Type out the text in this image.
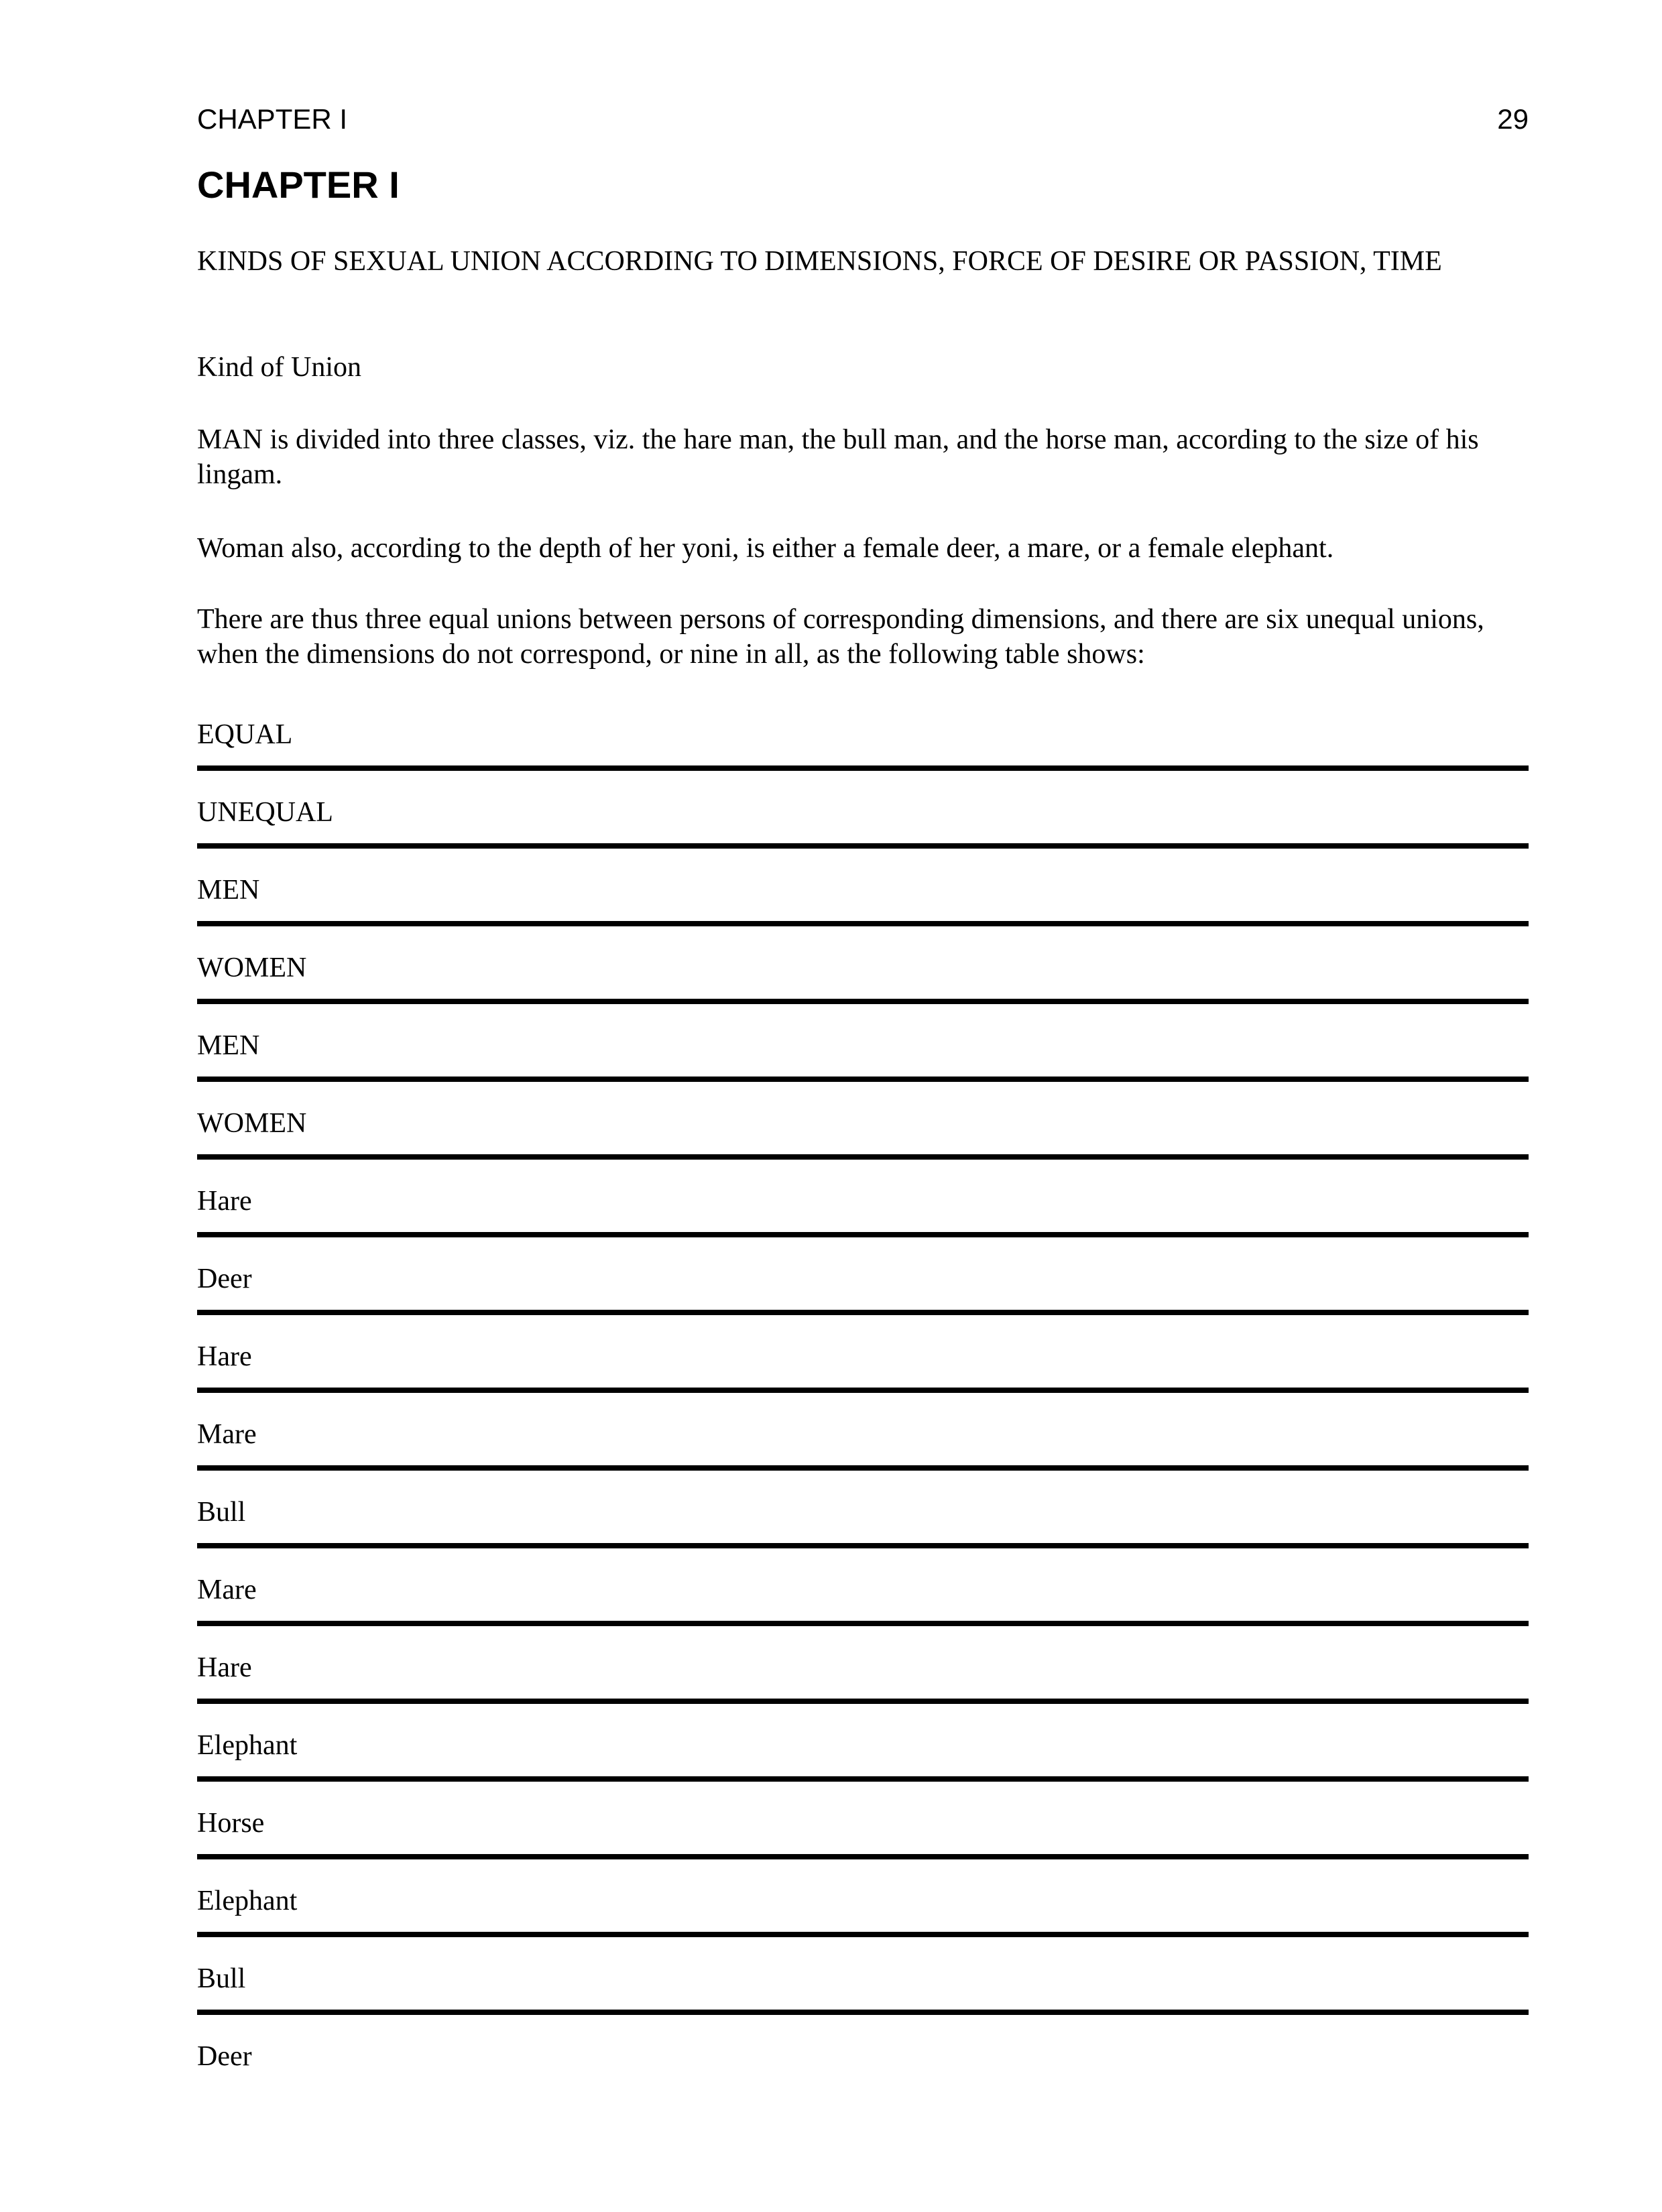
CHAPTER I	29
CHAPTER I

KINDS OF SEXUAL UNION ACCORDING TO DIMENSIONS, FORCE OF DESIRE OR PASSION, TIME

Kind of Union

MAN is divided into three classes, viz. the hare man, the bull man, and the horse man, according to the size of his lingam.

Woman also, according to the depth of her yoni, is either a female deer, a mare, or a female elephant.

There are thus three equal unions between persons of corresponding dimensions, and there are six unequal unions, when the dimensions do not correspond, or nine in all, as the following table shows:

EQUAL
UNEQUAL
MEN
WOMEN
MEN
WOMEN
Hare
Deer
Hare
Mare
Bull
Mare
Hare
Elephant
Horse
Elephant
Bull
Deer
